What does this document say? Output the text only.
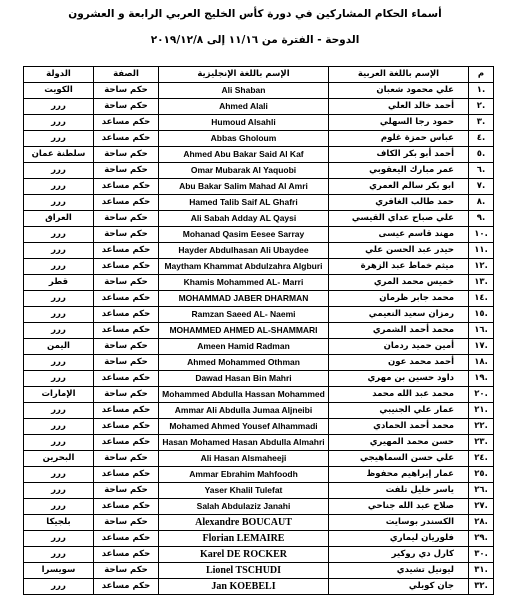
أسماء الحكام المشاركين في دورة كأس الخليج العربي الرابعة و العشرون
الدوحة - الفترة من ١١/١٦ إلى ٢٠١٩/١٢/٨
الدولة	الصفة	الإسم باللغة الإنجليزية	الإسم باللغة العربية	م
الكويت	حكم ساحة	Ali Shaban	علي محمود شعبان	.١
ررر	حكم ساحة	Ahmed Alali	أحمد خالد العلي	.٢
ررر	حكم مساعد	Humoud Alsahli	حمود رجا السهلي	.٣
ررر	حكم مساعد	Abbas Gholoum	عباس حمزة غلوم	.٤
سلطنة عمان	حكم ساحة	Ahmed Abu Bakar Said Al Kaf	أحمد أبو بكر الكاف	.٥
ررر	حكم ساحة	Omar Mubarak Al Yaquobi	عمر مبارك اليعقوبي	.٦
ررر	حكم مساعد	Abu Bakar Salim Mahad Al Amri	ابو بكر سالم العمري	.٧
ررر	حكم مساعد	Hamed Talib Saif AL Ghafri	حمد طالب الغافري	.٨
العراق	حكم ساحة	Ali Sabah Adday AL Qaysi	علي صباح عداي القيسي	.٩
ررر	حكم ساحة	Mohanad Qasim Eesee Sarray	مهند قاسم عيسى	.١٠
ررر	حكم مساعد	Hayder Abdulhasan Ali Ubaydee	حيدر عبد الحسن علي	.١١
ررر	حكم مساعد	Maytham Khammat Abdulzahra Algburi	ميثم خماط عبد الزهرة	.١٢
قطر	حكم ساحة	Khamis Mohammed AL- Marri	خميس محمد المري	.١٣
ررر	حكم مساعد	MOHAMMAD JABER DHARMAN	محمد جابر ظرمان	.١٤
ررر	حكم مساعد	Ramzan Saeed AL- Naemi	رمزان سعيد النعيمي	.١٥
ررر	حكم مساعد	MOHAMMED AHMED AL-SHAMMARI	محمد أحمد الشمري	.١٦
اليمن	حكم ساحة	Ameen Hamid Radman	أمين حميد ردمان	.١٧
ررر	حكم ساحة	Ahmed Mohammed Othman	أحمد محمد عون	.١٨
ررر	حكم مساعد	Dawad Hasan Bin Mahri	داود حسين بن مهري	.١٩
الإمارات	حكم ساحة	Mohammed Abdulla Hassan Mohammed	محمد عبد الله محمد	.٢٠
ررر	حكم مساعد	Ammar Ali Abdulla Jumaa Aljneibi	عمار علي الجنيبي	.٢١
ررر	حكم مساعد	Mohamed Ahmed Yousef Alhammadi	محمد أحمد الحمادي	.٢٢
ررر	حكم مساعد	Hasan Mohamed Hasan Abdulla Almahri	حسن محمد المهيري	.٢٣
البحرين	حكم ساحة	Ali Hasan Alsmaheeji	علي حسن السماهيجي	.٢٤
ررر	حكم مساعد	Ammar Ebrahim Mahfoodh	عمار إبراهيم محفوظ	.٢٥
ررر	حكم ساحة	Yaser Khalil Tulefat	ياسر خليل تلفت	.٢٦
ررر	حكم مساعد	Salah Abdulaziz Janahi	صلاح عبد الله جناحي	.٢٧
بلجيكا	حكم ساحة	Alexandre BOUCAUT	الكسندر بوسايت	.٢٨
ررر	حكم مساعد	Florian LEMAIRE	فلوريان ليماري	.٢٩
ررر	حكم مساعد	Karel DE ROCKER	كارل دي روكير	.٣٠
سويسرا	حكم ساحة	Lionel TSCHUDI	ليونيل تشيدي	.٣١
ررر	حكم مساعد	Jan KOEBELI	جان كوبلي	.٣٢
